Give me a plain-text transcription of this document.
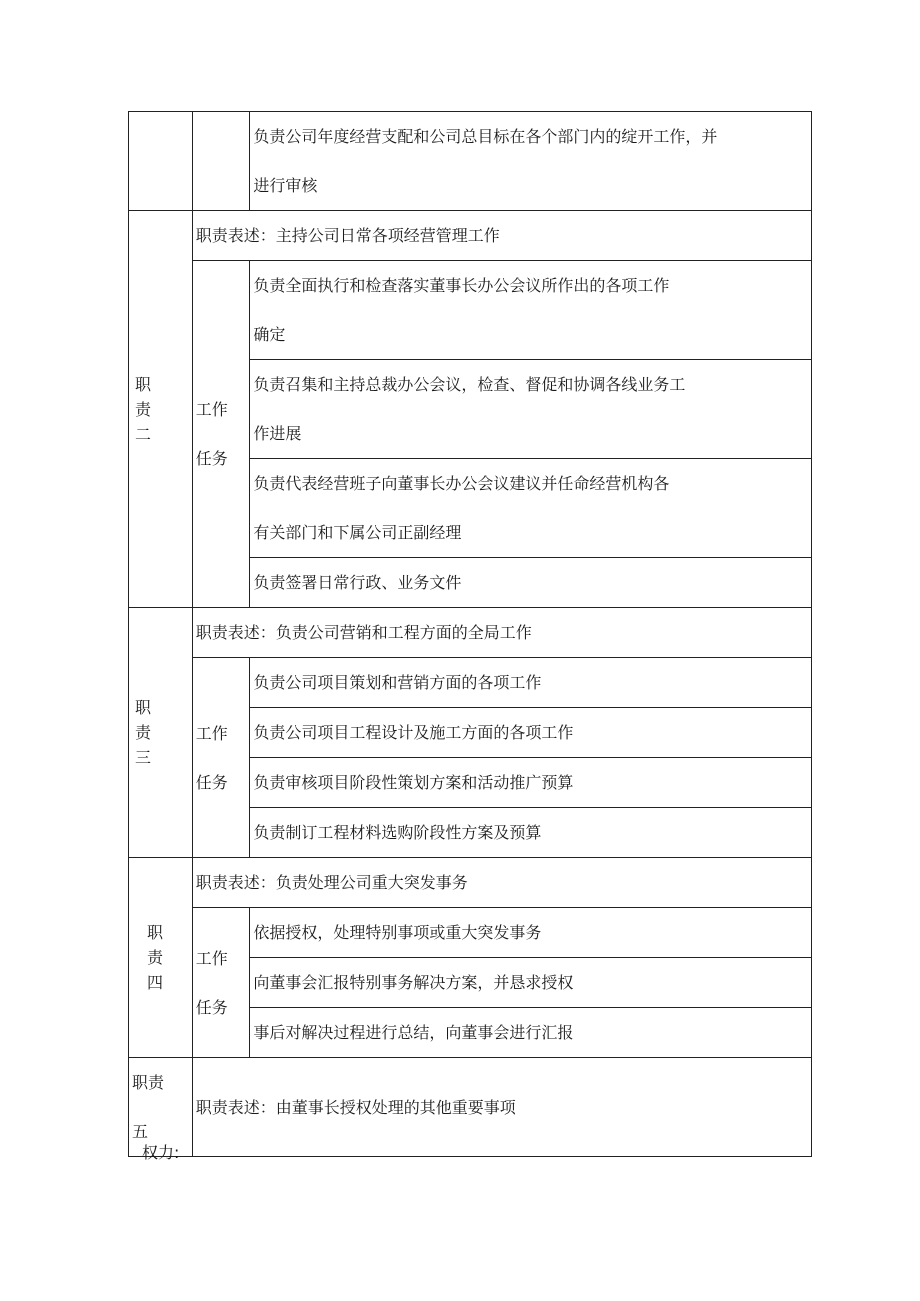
		负责公司年度经营支配和公司总目标在各个部门内的绽开工作，并
进行审核

职
责
二	职责表述：主持公司日常各项经营管理工作	

	工作
任务	负责全面执行和检查落实董事长办公会议所作出的各项工作
确定

		负责召集和主持总裁办公会议，检查、督促和协调各线业务工
作进展

		负责代表经营班子向董事长办公会议建议并任命经营机构各
有关部门和下属公司正副经理

		负责签署日常行政、业务文件

职
责
三	职责表述：负责公司营销和工程方面的全局工作	

	工作
任务	负责公司项目策划和营销方面的各项工作
		负责公司项目工程设计及施工方面的各项工作
		负责审核项目阶段性策划方案和活动推广预算
		负责制订工程材料选购阶段性方案及预算

职
责
四	职责表述：负责处理公司重大突发事务	

	工作
任务	依据授权，处理特别事项或重大突发事务
		向董事会汇报特别事务解决方案，并恳求授权
		事后对解决过程进行总结，向董事会进行汇报

职责
五	职责表述：由董事长授权处理的其他重要事项	
权力:
